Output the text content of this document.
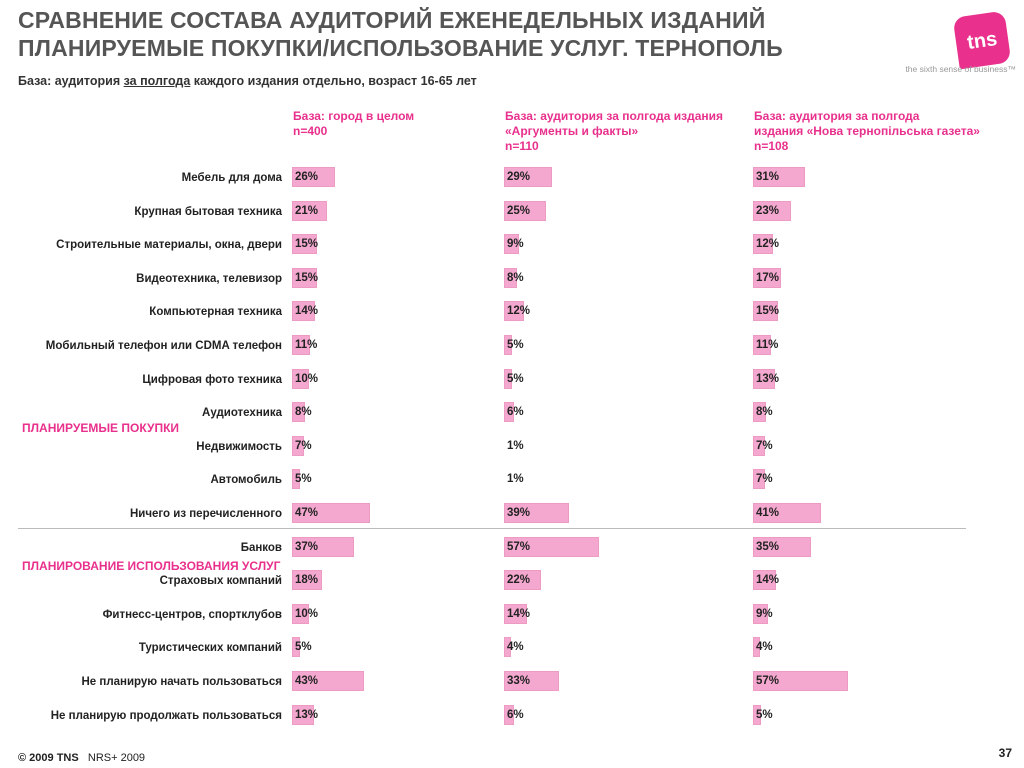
СРАВНЕНИЕ СОСТАВА АУДИТОРИЙ ЕЖЕНЕДЕЛЬНЫХ ИЗДАНИЙ
ПЛАНИРУЕМЫЕ ПОКУПКИ/ИСПОЛЬЗОВАНИЕ УСЛУГ. ТЕРНОПОЛЬ
База: аудитория за полгода каждого издания отдельно, возраст 16-65 лет
tns
the sixth sense of business™
База: город в целом
n=400
База: аудитория за полгода издания
«Аргументы и факты»
n=110
База: аудитория за полгода
издания «Нова тернопільська газета»
n=108
ПЛАНИРУЕМЫЕ ПОКУПКИ
ПЛАНИРОВАНИЕ ИСПОЛЬЗОВАНИЯ УСЛУГ
Мебель для дома 26%	29%	31%
Крупная бытовая техника 21%	25%	23%
Строительные материалы, окна, двери 15%	9%	12%
Видеотехника, телевизор 15%	8%	17%
Компьютерная техника 14%	12%	15%
Мобильный телефон или CDMA телефон 11%	5%	11%
Цифровая фото техника 10%	5%	13%
Аудиотехника 8%	6%	8%
Недвижимость 7%	1%	7%
Автомобиль 5%	1%	7%
Ничего из перечисленного 47%	39%	41%
Банков 37%	57%	35%
Страховых компаний 18%	22%	14%
Фитнесс-центров, спортклубов 10%	14%	9%
Туристических компаний 5%	4%	4%
Не планирую начать пользоваться 43%	33%	57%
Не планирую продолжать пользоваться 13%	6%	5%
© 2009 TNS NRS+ 2009	37
